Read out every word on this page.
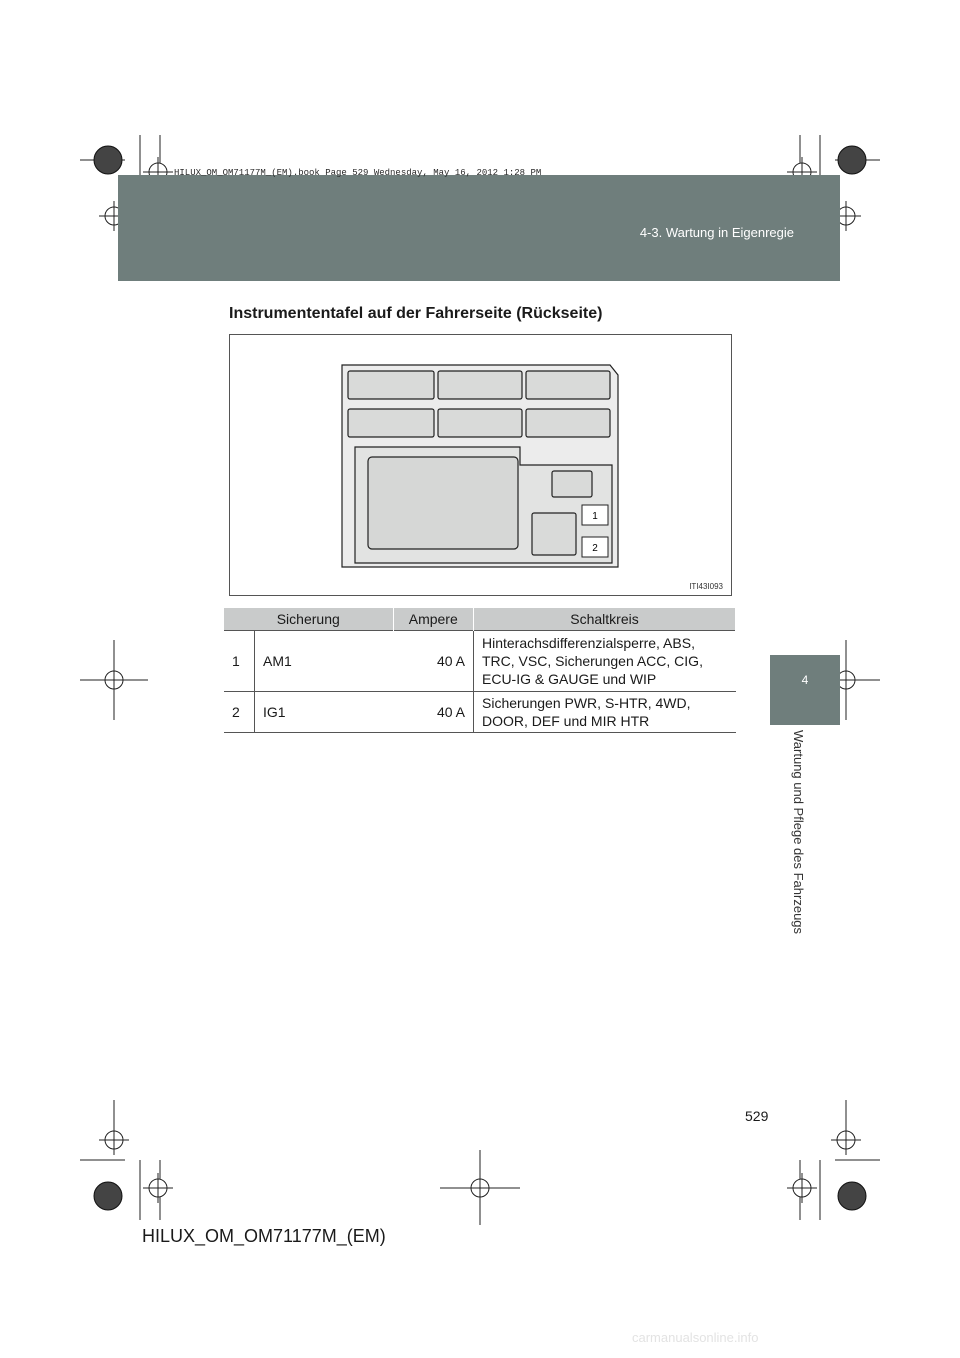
HILUX_OM_OM71177M_(EM).book Page 529 Wednesday, May 16, 2012 1:28 PM
4-3. Wartung in Eigenregie
4
Wartung und Pflege des Fahrzeugs
Instrumententafel auf der Fahrerseite (Rückseite)
1
2
ITI43I093
Sicherung		Ampere	Schaltkreis
1	AM1	40 A	Hinterachsdifferenzialsperre, ABS, TRC, VSC, Sicherungen ACC, CIG, ECU-IG & GAUGE und WIP
2	IG1	40 A	Sicherungen PWR, S-HTR, 4WD, DOOR, DEF und MIR HTR
529
HILUX_OM_OM71177M_(EM)
carmanualsonline.info
